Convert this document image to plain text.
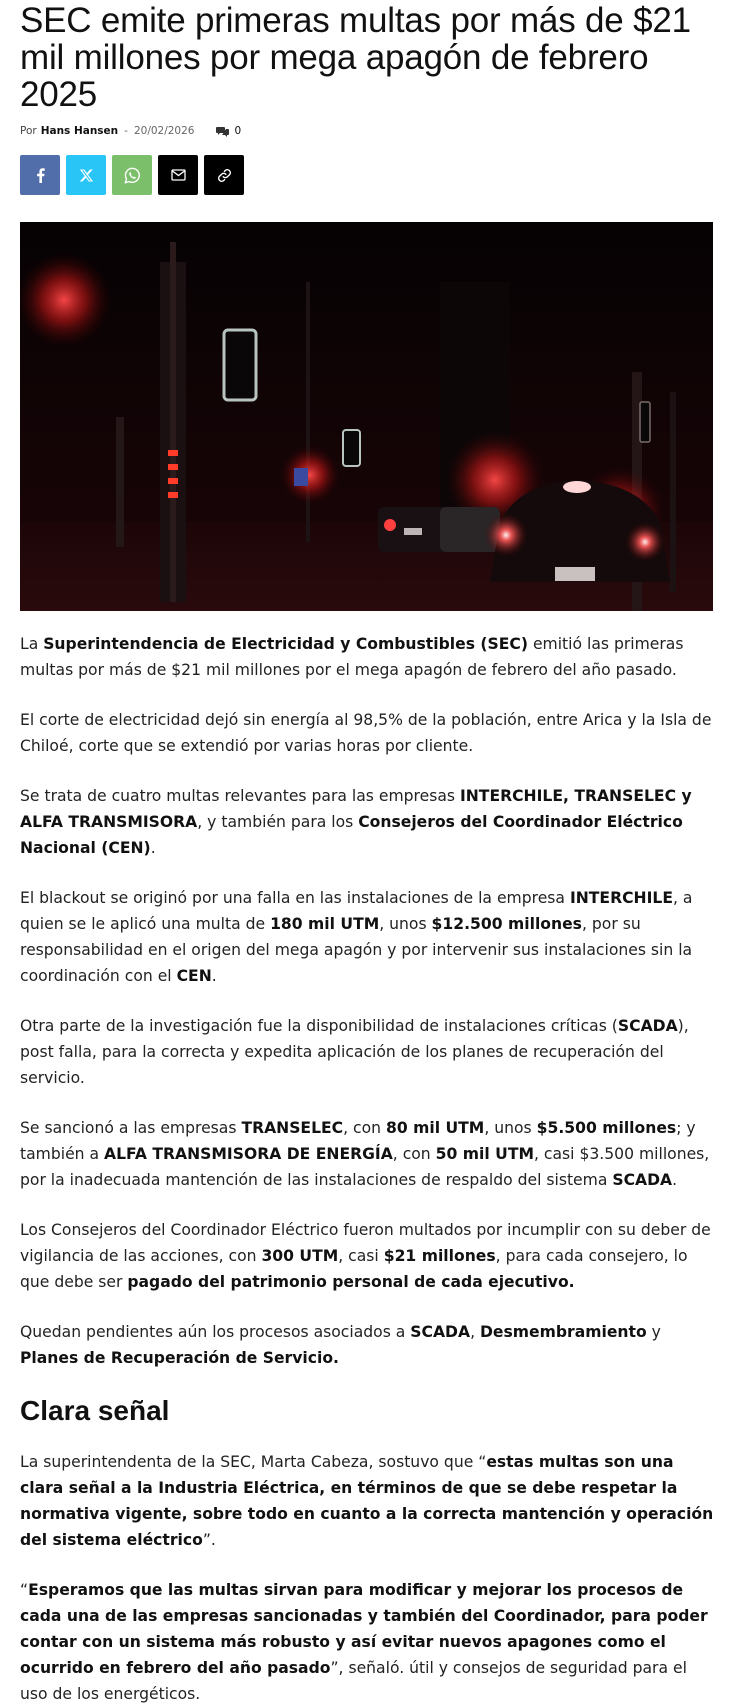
SEC emite primeras multas por más de $21 mil millones por mega apagón de febrero 2025
Por Hans Hansen - 20/02/2026	0

La Superintendencia de Electricidad y Combustibles (SEC) emitió las primeras multas por más de $21 mil millones por el mega apagón de febrero del año pasado.

El corte de electricidad dejó sin energía al 98,5% de la población, entre Arica y la Isla de Chiloé, corte que se extendió por varias horas por cliente.

Se trata de cuatro multas relevantes para las empresas INTERCHILE, TRANSELEC y ALFA TRANSMISORA, y también para los Consejeros del Coordinador Eléctrico Nacional (CEN).

El blackout se originó por una falla en las instalaciones de la empresa INTERCHILE, a quien se le aplicó una multa de 180 mil UTM, unos $12.500 millones, por su responsabilidad en el origen del mega apagón y por intervenir sus instalaciones sin la coordinación con el CEN.

Otra parte de la investigación fue la disponibilidad de instalaciones críticas (SCADA), post falla, para la correcta y expedita aplicación de los planes de recuperación del servicio.

Se sancionó a las empresas TRANSELEC, con 80 mil UTM, unos $5.500 millones; y también a ALFA TRANSMISORA DE ENERGÍA, con 50 mil UTM, casi $3.500 millones, por la inadecuada mantención de las instalaciones de respaldo del sistema SCADA.

Los Consejeros del Coordinador Eléctrico fueron multados por incumplir con su deber de vigilancia de las acciones, con 300 UTM, casi $21 millones, para cada consejero, lo que debe ser pagado del patrimonio personal de cada ejecutivo.

Quedan pendientes aún los procesos asociados a SCADA, Desmembramiento y Planes de Recuperación de Servicio.

Clara señal

La superintendenta de la SEC, Marta Cabeza, sostuvo que “estas multas son una clara señal a la Industria Eléctrica, en términos de que se debe respetar la normativa vigente, sobre todo en cuanto a la correcta mantención y operación del sistema eléctrico”.

“Esperamos que las multas sirvan para modificar y mejorar los procesos de cada una de las empresas sancionadas y también del Coordinador, para poder contar con un sistema más robusto y así evitar nuevos apagones como el ocurrido en febrero del año pasado”, señaló. útil y consejos de seguridad para el uso de los energéticos.
